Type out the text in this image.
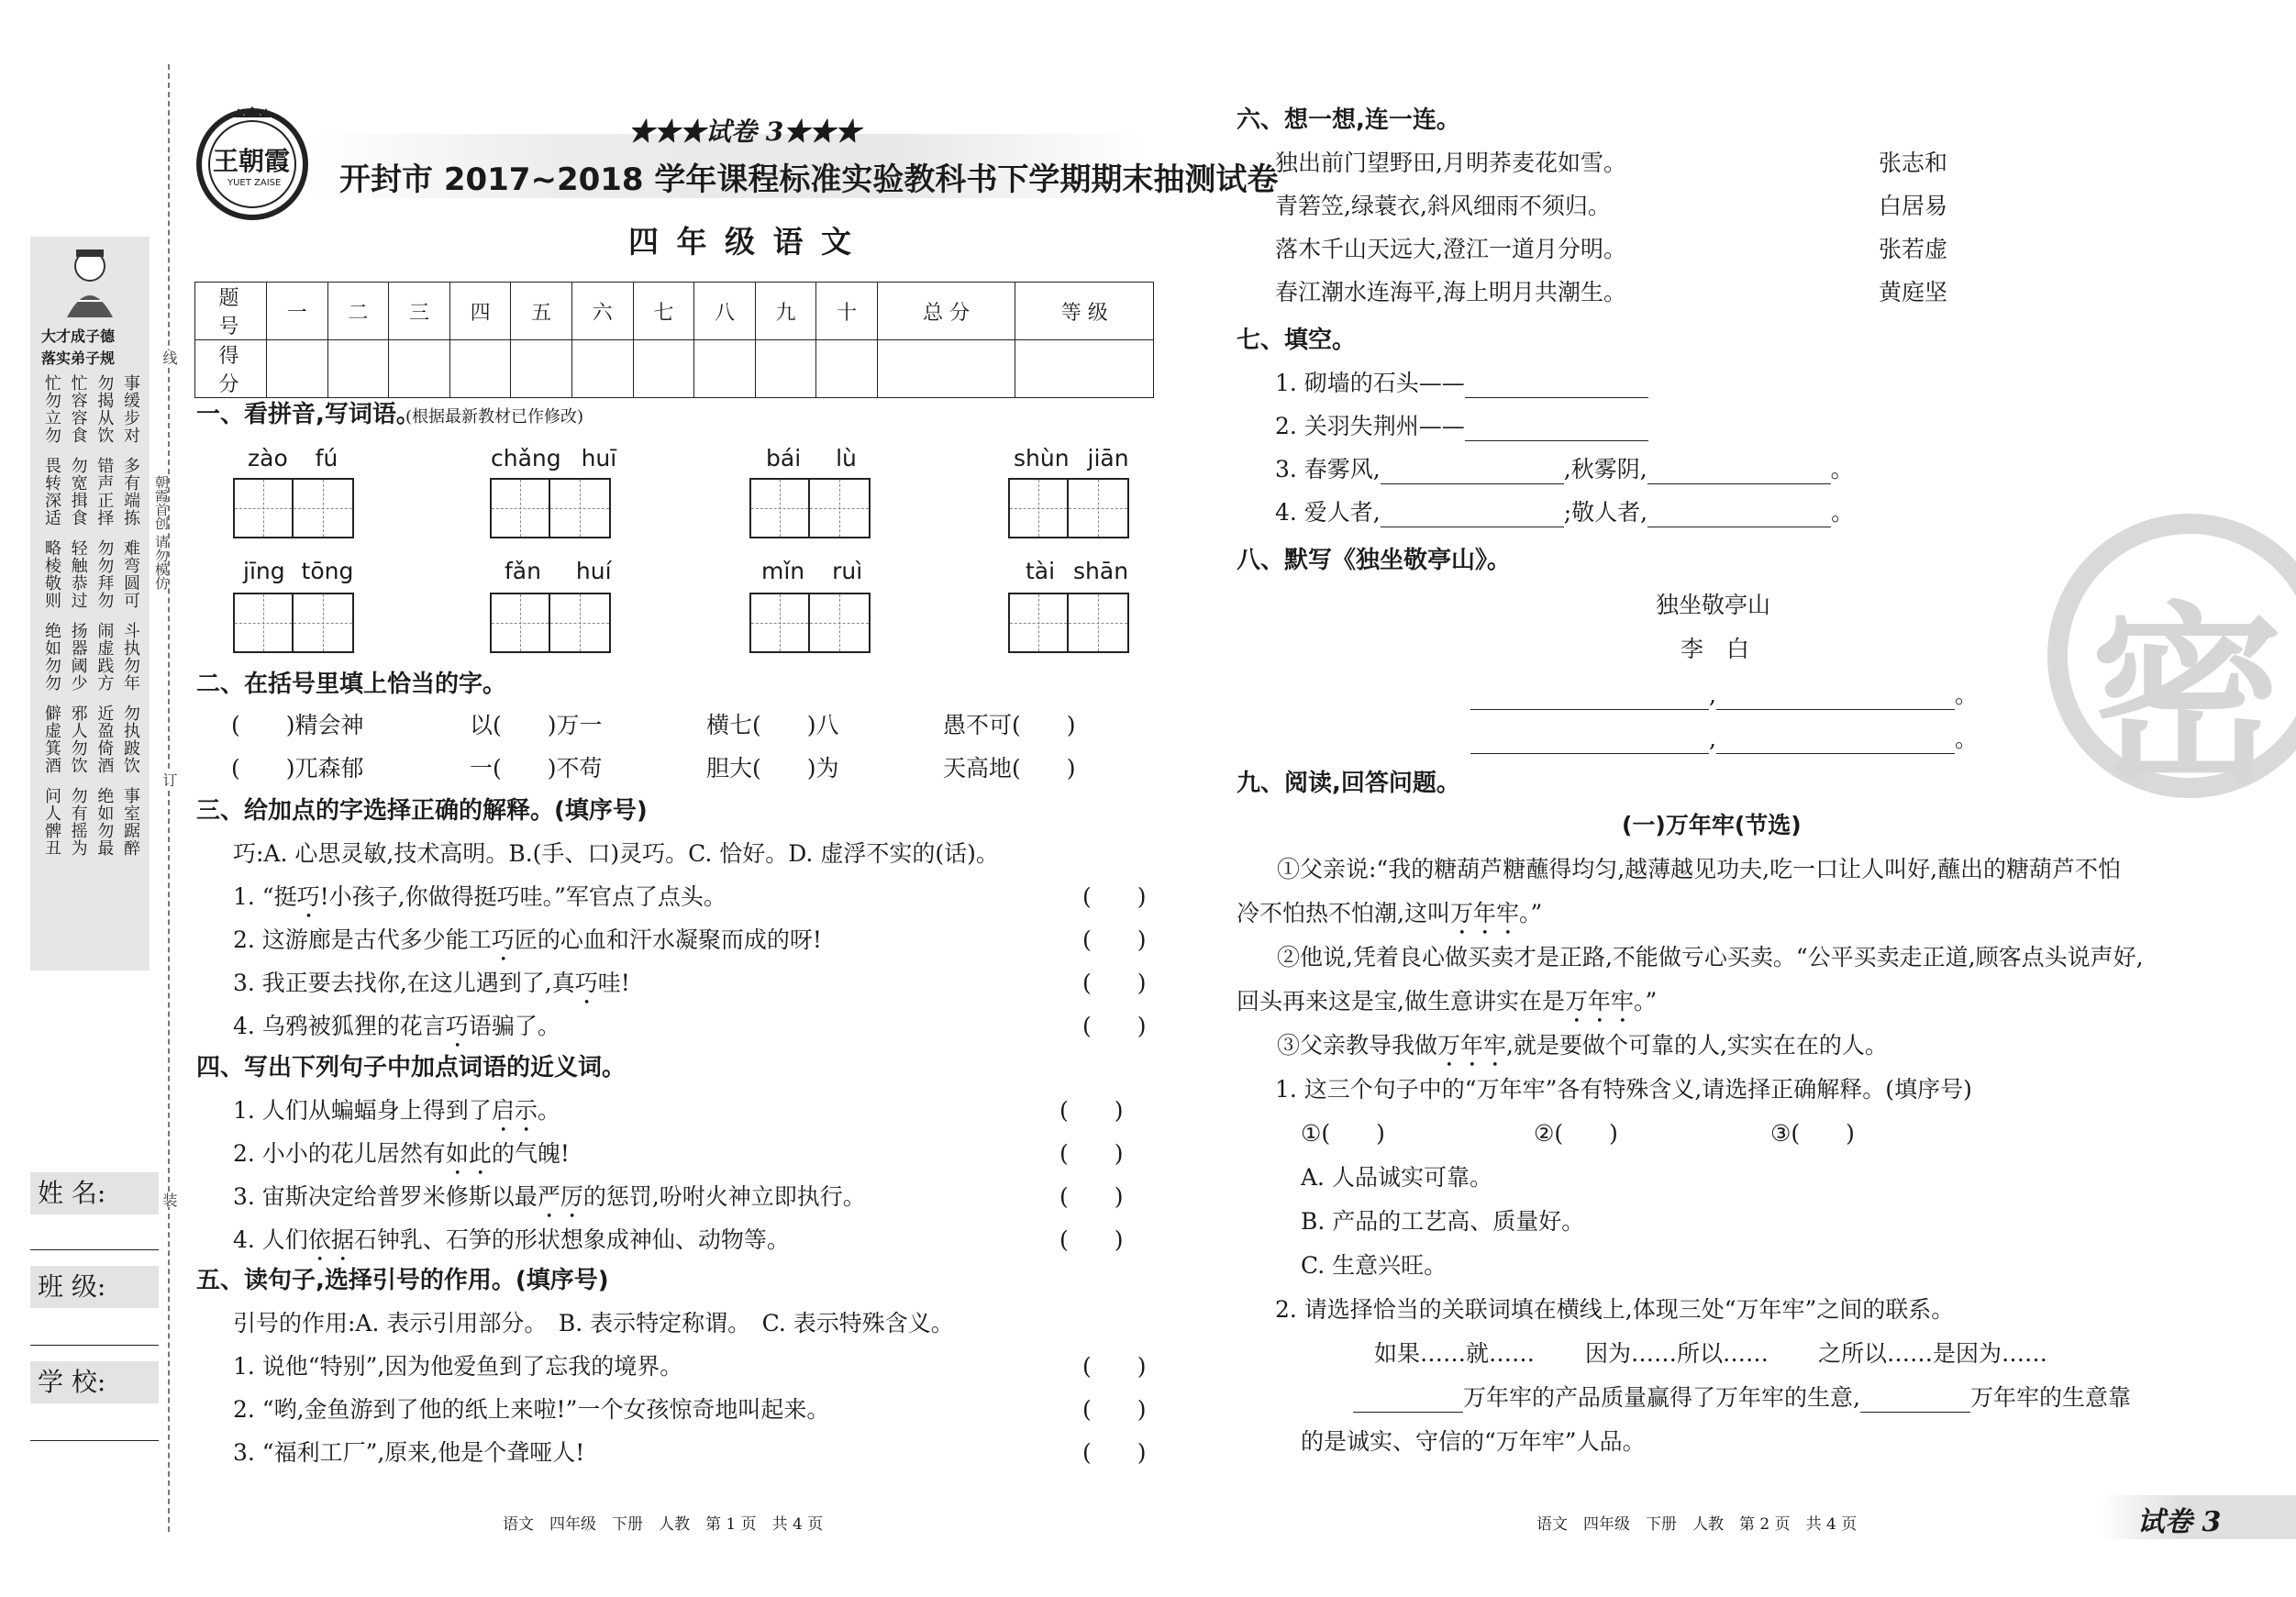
线
订
装
朝霞首创 请勿模仿
大才成子德
落实弟子规
忙勿立勿 忙容容食 勿揭从饮 事缓步对
畏转深适 勿宽揖食 错声正择 多有端拣
略棱敬则 轻触恭过 勿勿拜勿 难弯圆可
绝如勿勿 扬器阈少 闹虚践方 斗执勿年
僻虚箕酒 邪人勿饮 近盈倚酒 勿执跛饮
问人髀丑 勿有摇为 绝如勿最 事室踞醉
姓 名:
班 级:
学 校:
王朝霞
YUET ZAISE
★★★试卷 3★★★
开封市 2017~2018 学年课程标准实验教科书下学期期末抽测试卷
四 年 级 语 文
题 号	一	二	三	四	五	六	七	八	九	十	总 分	等 级
得 分												
一、看拼音,写词语。
(根据最新教材已作修改)
zào fú	chǎng huī	bái lù	shùn jiān
jīng tōng	fǎn huí	mǐn ruì	tài shān
二、在括号里填上恰当的字。
(　　)精会神	以(　　)万一	横七(　　)八	愚不可(　　)
(　　)兀森郁	一(　　)不苟	胆大(　　)为	天高地(　　)
三、给加点的字选择正确的解释。(填序号)
巧:A. 心思灵敏,技术高明。B.(手、口)灵巧。C. 恰好。D. 虚浮不实的(话)。
1. “挺巧!小孩子,你做得挺巧哇。”军官点了点头。	(　　)
2. 这游廊是古代多少能工巧匠的心血和汗水凝聚而成的呀!	(　　)
3. 我正要去找你,在这儿遇到了,真巧哇!	(　　)
4. 乌鸦被狐狸的花言巧语骗了。	(　　)
四、写出下列句子中加点词语的近义词。
1. 人们从蝙蝠身上得到了启示。	(　　)
2. 小小的花儿居然有如此的气魄!	(　　)
3. 宙斯决定给普罗米修斯以最严厉的惩罚,吩咐火神立即执行。	(　　)
4. 人们依据石钟乳、石笋的形状想象成神仙、动物等。	(　　)
五、读句子,选择引号的作用。(填序号)
引号的作用:A. 表示引用部分。　B. 表示特定称谓。　C. 表示特殊含义。
1. 说他“特别”,因为他爱鱼到了忘我的境界。	(　　)
2. “哟,金鱼游到了他的纸上来啦!”一个女孩惊奇地叫起来。	(　　)
3. “福利工厂”,原来,他是个聋哑人!	(　　)
语文　四年级　下册　人教　第 1 页　共 4 页
六、想一想,连一连。
独出前门望野田,月明荞麦花如雪。
青箬笠,绿蓑衣,斜风细雨不须归。
落木千山天远大,澄江一道月分明。
春江潮水连海平,海上明月共潮生。
张志和
白居易
张若虚
黄庭坚
七、填空。
1. 砌墙的石头——
2. 关羽失荆州——
3. 春雾风,	,秋雾阴,	。
4. 爱人者,	;敬人者,	。
八、默写《独坐敬亭山》。
独坐敬亭山
李　白
,	。
,	。
九、阅读,回答问题。
(一)万年牢(节选)
①父亲说:“我的糖葫芦糖蘸得均匀,越薄越见功夫,吃一口让人叫好,蘸出的糖葫芦不怕
冷不怕热不怕潮,这叫万年牢。”
②他说,凭着良心做买卖才是正路,不能做亏心买卖。“公平买卖走正道,顾客点头说声好,
回头再来这是宝,做生意讲实在是万年牢。”
③父亲教导我做万年牢,就是要做个可靠的人,实实在在的人。
1. 这三个句子中的“万年牢”各有特殊含义,请选择正确解释。(填序号)
①(　　)	②(　　)	③(　　)
A. 人品诚实可靠。
B. 产品的工艺高、质量好。
C. 生意兴旺。
2. 请选择恰当的关联词填在横线上,体现三处“万年牢”之间的联系。
如果……就…… 因为……所以…… 之所以……是因为……
万年牢的产品质量赢得了万年牢的生意,	万年牢的生意靠
的是诚实、守信的“万年牢”人品。
语文　四年级　下册　人教　第 2 页　共 4 页	试卷 3
密
